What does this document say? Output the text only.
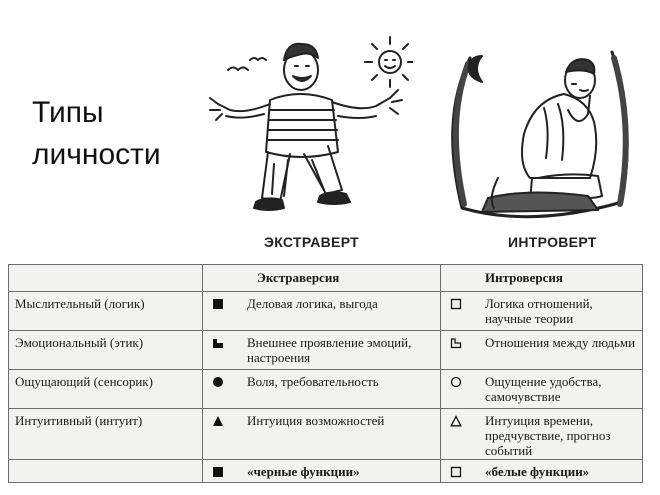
Типы личности
ЭКСТРАВЕРТ	ИНТРОВЕРТ

	Экстраверсия	Интроверсия

Мыслительный (логик)	Деловая логика, выгода	Логика отношений, научные теории

Эмоциональный (этик)	Внешнее проявление эмоций, настроения	Отношения между людьми

Ощущающий (сенсорик)	Воля, требовательность	Ощущение удобства, самочувствие

Интуитивный (интуит)	Интуиция возможностей	Интуиция времени, предчувствие, прогноз событий

	«черные функции»	«белые функции»
